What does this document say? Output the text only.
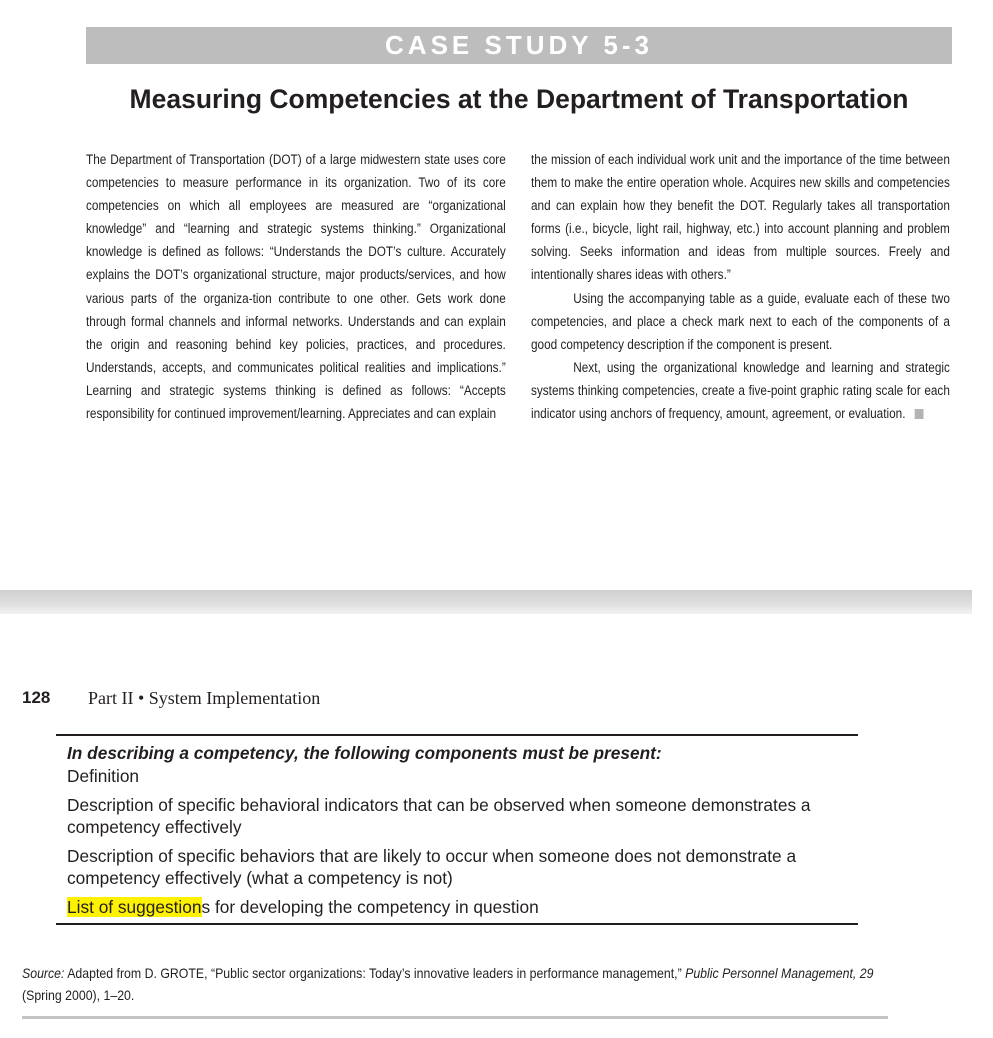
CASE STUDY 5-3
Measuring Competencies at the Department of Transportation

The Department of Transportation (DOT) of a large midwestern state uses core competencies to measure performance in its organization. Two of its core competencies on which all employees are measured are “organizational knowledge” and “learning and strategic systems thinking.” Organizational knowledge is defined as follows: “Understands the DOT’s culture. Accurately explains the DOT’s organizational structure, major products/services, and how various parts of the organiza-tion contribute to one other. Gets work done through formal channels and informal networks. Understands and can explain the origin and reasoning behind key policies, practices, and procedures. Understands, accepts, and communicates political realities and implications.” Learning and strategic systems thinking is defined as follows: “Accepts responsibility for continued improvement/learning. Appreciates and can explain

the mission of each individual work unit and the importance of the time between them to make the entire operation whole. Acquires new skills and competencies and can explain how they benefit the DOT. Regularly takes all transportation forms (i.e., bicycle, light rail, highway, etc.) into account planning and problem solving. Seeks information and ideas from multiple sources. Freely and intentionally shares ideas with others.”

Using the accompanying table as a guide, evaluate each of these two competencies, and place a check mark next to each of the components of a good competency description if the component is present.

Next, using the organizational knowledge and learning and strategic systems thinking competencies, create a five-point graphic rating scale for each indicator using anchors of frequency, amount, agreement, or evaluation.

128 Part II • System Implementation
In describing a competency, the following components must be present:
Definition
Description of specific behavioral indicators that can be observed when someone demonstrates a competency effectively
Description of specific behaviors that are likely to occur when someone does not demonstrate a competency effectively (what a competency is not)
List of suggestions for developing the competency in question
Source: Adapted from D. GROTE, “Public sector organizations: Today’s innovative leaders in performance management,” Public Personnel Management, 29 (Spring 2000), 1–20.
